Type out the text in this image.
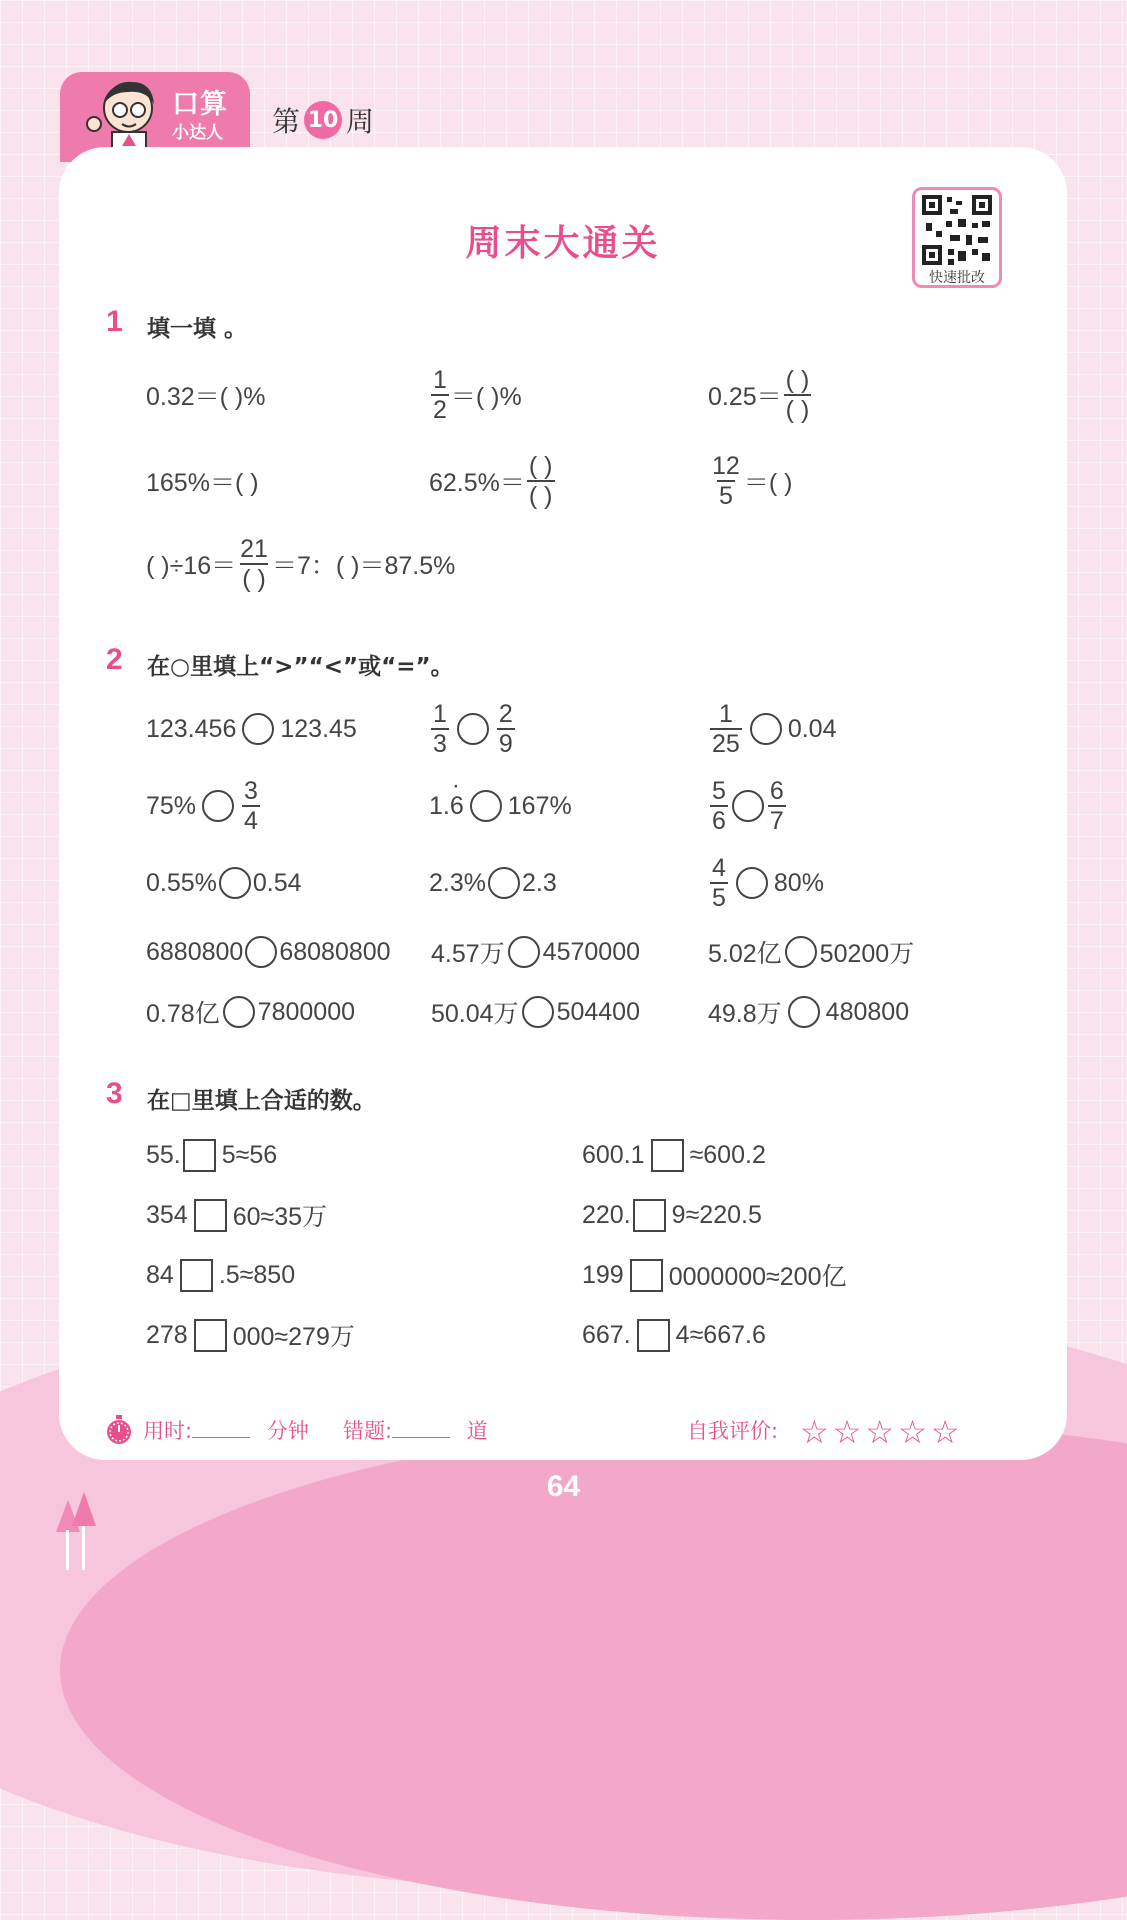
口算
小达人 第 10 周
周末大通关
快速批改
1 填一填 。
0.32＝( )%	$\frac{1}{2}$ ＝( )%	$0.25= \frac{( )}{( )}$
165%＝( )	$62.5\%= \frac{( )}{( )}$	$\frac{12}{5}$ ＝( )
( )$\div 16= \frac{21}{( )} =7$：( )＝87.5%
2 在○里填上“>”“<”或“=”。
123.456 123.45	$\frac{1}{3} \frac{2}{9}$	$\frac{1}{25} 0.04$
$75\% \frac{3}{4}$	1.
· 6 167%	$\frac{5}{6} \frac{6}{7}$
0.55% 0.54	2.3% 2.3	$\frac{4}{5} 80\%$
6880800 68080800 4.57万 4570000	5.02亿 50200万
0.78亿 7800000	50.04万 504400	49.8万 480800
3 在□里填上合适的数。
55. 5≈56	600.1 ≈600.2
354 60≈35万	220. 9≈220.5
84 .5≈850	199 0000000≈200亿
278 000≈279万	667. 4≈667.6
用时:	分钟 错题:	道	自我评价: ☆☆☆☆☆
64
